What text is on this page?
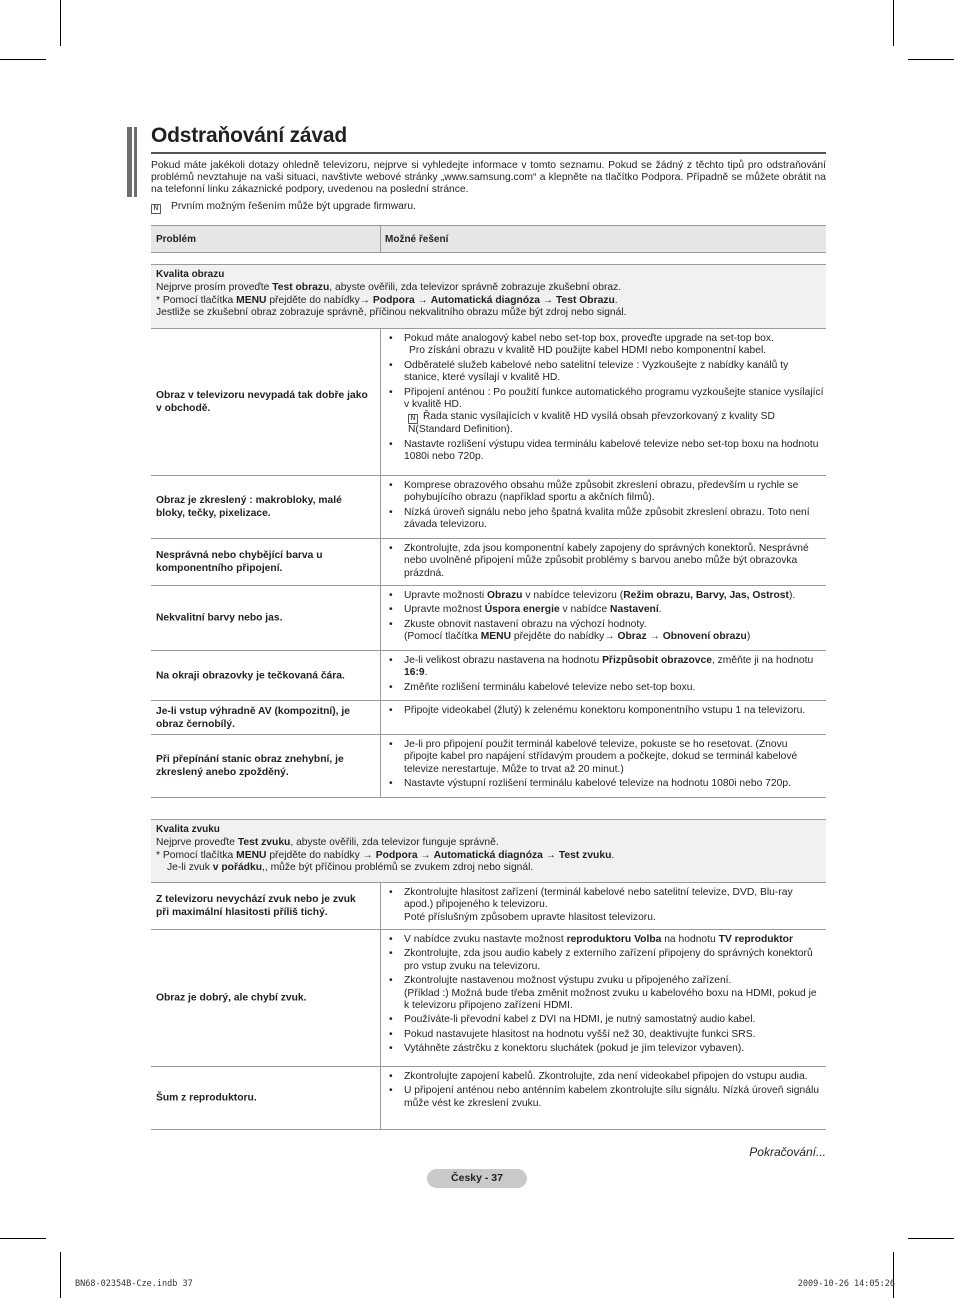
Odstraňování závad
Pokud máte jakékoli dotazy ohledně televizoru, nejprve si vyhledejte informace v tomto seznamu. Pokud se žádný z těchto tipů pro odstraňování problémů nevztahuje na vaši situaci, navštivte webové stránky „www.samsung.com“ a klepněte na tlačítko Podpora. Případně se můžete obrátit na na telefonní linku zákaznické podpory, uvedenou na poslední stránce.
N Prvním možným řešením může být upgrade firmwaru.
Problém	Možné řešení
Kvalita obrazu
Nejprve prosím proveďte Test obrazu, abyste ověřili, zda televizor správně zobrazuje zkušební obraz.
* Pomocí tlačítka MENU přejděte do nabídky→ Podpora → Automatická diagnóza → Test Obrazu.
Jestliže se zkušební obraz zobrazuje správně, příčinou nekvalitního obrazu může být zdroj nebo signál.
Obraz v televizoru nevypadá tak dobře jako v obchodě.
• Pokud máte analogový kabel nebo set-top box, proveďte upgrade na set-top box.
Pro získání obrazu v kvalitě HD použijte kabel HDMI nebo komponentní kabel.
• Odběratelé služeb kabelové nebo satelitní televize : Vyzkoušejte z nabídky kanálů ty stanice, které vysílají v kvalitě HD.
• Připojení anténou : Po použití funkce automatického programu vyzkoušejte stanice vysílající v kvalitě HD.
N Řada stanic vysílajících v kvalitě HD vysílá obsah převzorkovaný z kvality SD N(Standard Definition).
• Nastavte rozlišení výstupu videa terminálu kabelové televize nebo set-top boxu na hodnotu 1080i nebo 720p.
Obraz je zkreslený : makrobloky, malé bloky, tečky, pixelizace.
• Komprese obrazového obsahu může způsobit zkreslení obrazu, především u rychle se pohybujícího obrazu (například sportu a akčních filmů).
• Nízká úroveň signálu nebo jeho špatná kvalita může způsobit zkreslení obrazu. Toto není závada televizoru.
Nesprávná nebo chybějící barva u komponentního připojení.
• Zkontrolujte, zda jsou komponentní kabely zapojeny do správných konektorů. Nesprávné nebo uvolněné připojení může způsobit problémy s barvou anebo může být obrazovka prázdná.
Nekvalitní barvy nebo jas.
• Upravte možnosti Obrazu v nabídce televizoru (Režim obrazu, Barvy, Jas, Ostrost).
• Upravte možnost Úspora energie v nabídce Nastavení.
• Zkuste obnovit nastavení obrazu na výchozí hodnoty.
(Pomocí tlačítka MENU přejděte do nabídky→ Obraz → Obnovení obrazu)
Na okraji obrazovky je tečkovaná čára.
• Je-li velikost obrazu nastavena na hodnotu Přizpůsobit obrazovce, změňte ji na hodnotu 16:9.
• Změňte rozlišení terminálu kabelové televize nebo set-top boxu.
Je-li vstup výhradně AV (kompozitní), je obraz černobílý.
• Připojte videokabel (žlutý) k zelenému konektoru komponentního vstupu 1 na televizoru.
Při přepínání stanic obraz znehybní, je zkreslený anebo zpožděný.
• Je-li pro připojení použit terminál kabelové televize, pokuste se ho resetovat. (Znovu připojte kabel pro napájení střídavým proudem a počkejte, dokud se terminál kabelové televize nerestartuje. Může to trvat až 20 minut.)
• Nastavte výstupní rozlišení terminálu kabelové televize na hodnotu 1080i nebo 720p.
Kvalita zvuku
Nejprve proveďte Test zvuku, abyste ověřili, zda televizor funguje správně.
* Pomocí tlačítka MENU přejděte do nabídky → Podpora → Automatická diagnóza → Test zvuku.
Je-li zvuk v pořádku,, může být příčinou problémů se zvukem zdroj nebo signál.
Z televizoru nevychází zvuk nebo je zvuk při maximální hlasitosti příliš tichý.
• Zkontrolujte hlasitost zařízení (terminál kabelové nebo satelitní televize, DVD, Blu-ray apod.) připojeného k televizoru.
Poté příslušným způsobem upravte hlasitost televizoru.
Obraz je dobrý, ale chybí zvuk.
• V nabídce zvuku nastavte možnost reproduktoru Volba na hodnotu TV reproduktor
• Zkontrolujte, zda jsou audio kabely z externího zařízení připojeny do správných konektorů pro vstup zvuku na televizoru.
• Zkontrolujte nastavenou možnost výstupu zvuku u připojeného zařízení.
(Příklad :) Možná bude třeba změnit možnost zvuku u kabelového boxu na HDMI, pokud je k televizoru připojeno zařízení HDMI.
• Používáte-li převodní kabel z DVI na HDMI, je nutný samostatný audio kabel.
• Pokud nastavujete hlasitost na hodnotu vyšší než 30, deaktivujte funkci SRS.
• Vytáhněte zástrčku z konektoru sluchátek (pokud je jím televizor vybaven).
Šum z reproduktoru.
• Zkontrolujte zapojení kabelů. Zkontrolujte, zda není videokabel připojen do vstupu audia.
• U připojení anténou nebo anténním kabelem zkontrolujte sílu signálu. Nízká úroveň signálu může vést ke zkreslení zvuku.
Pokračování...
Česky - 37
BN68-02354B-Cze.indb 37	2009-10-26 14:05:26
